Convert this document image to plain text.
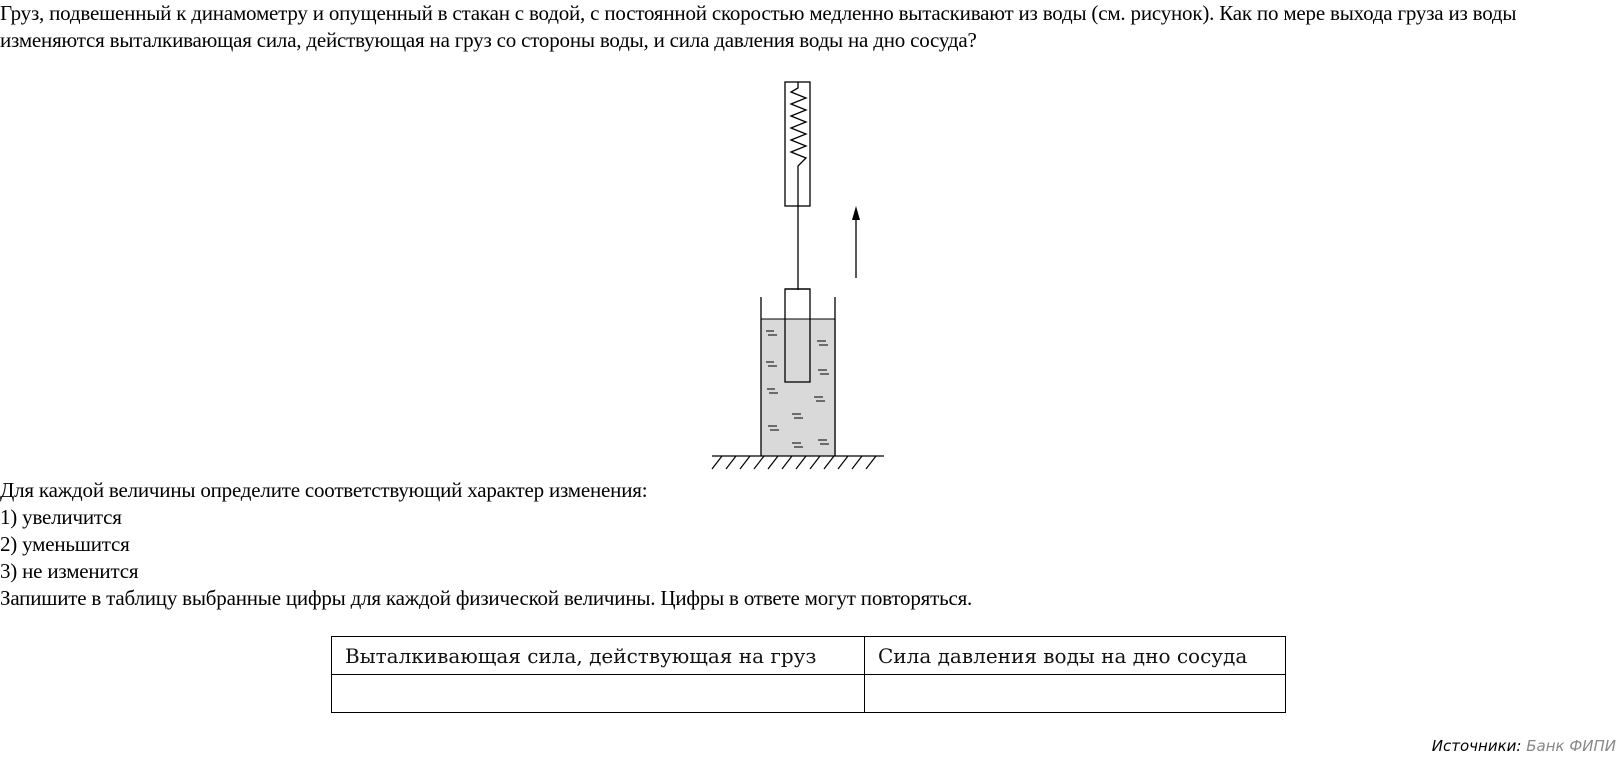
Груз, подвешенный к динамометру и опущенный в стакан с водой, с постоянной скоростью медленно вытаскивают из воды (см. рисунок). Как по мере выхода груза из воды изменяются выталкивающая сила, действующая на груз со стороны воды, и сила давления воды на дно сосуда?
Для каждой величины определите соответствующий характер изменения:
1) увеличится
2) уменьшится
3) не изменится
Запишите в таблицу выбранные цифры для каждой физической величины. Цифры в ответе могут повторяться.
Выталкивающая сила, действующая на груз	Сила давления воды на дно сосуда

Источники: Банк ФИПИ
